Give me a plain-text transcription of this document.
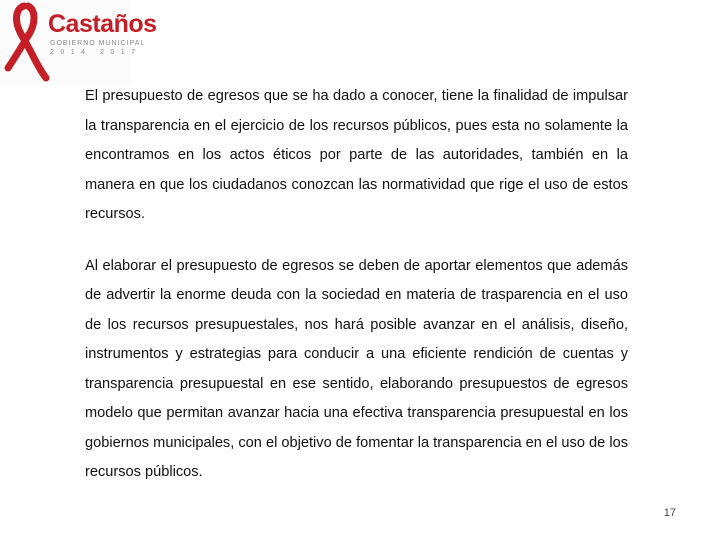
Castaños
GOBIERNO MUNICIPAL
2014 2017

El presupuesto de egresos que se ha dado a conocer, tiene la finalidad de impulsar la transparencia en el ejercicio de los recursos públicos, pues esta no solamente la encontramos en los actos éticos por parte de las autoridades, también en la manera en que los ciudadanos conozcan las normatividad que rige el uso de estos recursos.

Al elaborar el presupuesto de egresos se deben de aportar elementos que además de advertir la enorme deuda con la sociedad en materia de trasparencia en el uso de los recursos presupuestales, nos hará posible avanzar en el análisis, diseño, instrumentos y estrategias para conducir a una eficiente rendición de cuentas y transparencia presupuestal en ese sentido, elaborando presupuestos de egresos modelo que permitan avanzar hacia una efectiva transparencia presupuestal en los gobiernos municipales, con el objetivo de fomentar la transparencia en el uso de los recursos públicos.

17
